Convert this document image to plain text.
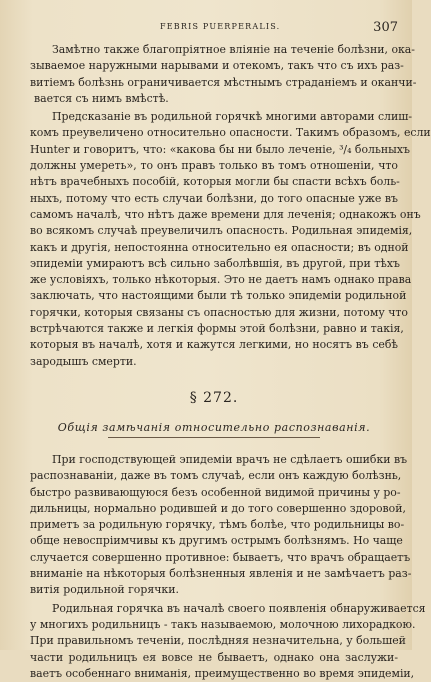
FEBRIS PUERPERALIS.	307
Замѣтно также благопріятное вліяніе на теченіе болѣзни, ока-
зываемое наружными нарывами и отекомъ, такъ что съ ихъ раз-
витіемъ болѣзнь ограничивается мѣстнымъ страданіемъ и оканчи-
вается съ нимъ вмѣстѣ.
Предсказаніе въ родильной горячкѣ многими авторами слиш-
комъ преувеличено относительно опасности. Такимъ образомъ, если
Hunter и говоритъ, что: «какова бы ни было леченіе, ³/₄ больныхъ
должны умереть», то онъ правъ только въ томъ отношеніи, что
нѣтъ врачебныхъ пособій, которыя могли бы спасти всѣхъ боль-
ныхъ, потому что есть случаи болѣзни, до того опасные уже въ
самомъ началѣ, что нѣтъ даже времени для леченія; однакожъ онъ
во всякомъ случаѣ преувеличилъ опасность. Родильная эпидемія,
какъ и другія, непостоянна относительно ея опасности; въ одной
эпидеміи умираютъ всѣ сильно заболѣвшія, въ другой, при тѣхъ
же условіяхъ, только нѣкоторыя. Это не даетъ намъ однако права
заключать, что настоящими были тѣ только эпидеміи родильной
горячки, которыя связаны съ опасностью для жизни, потому что
встрѣчаются также и легкія формы этой болѣзни, равно и такія,
которыя въ началѣ, хотя и кажутся легкими, но носятъ въ себѣ
зародышъ смерти.
§ 272.
Общія замѣчанія относительно распознаванія.
При господствующей эпидеміи врачъ не сдѣлаетъ ошибки въ
распознаваніи, даже въ томъ случаѣ, если онъ каждую болѣзнь,
быстро развивающуюся безъ особенной видимой причины у ро-
дильницы, нормально родившей и до того совершенно здоровой,
приметъ за родильную горячку, тѣмъ болѣе, что родильницы во-
обще невоспріимчивы къ другимъ острымъ болѣзнямъ. Но чаще
случается совершенно противное: бываетъ, что врачъ обращаетъ
вниманіе на нѣкоторыя болѣзненныя явленія и не замѣчаетъ раз-
витія родильной горячки.
Родильная горячка въ началѣ своего появленія обнаруживается
у многихъ родильницъ - такъ называемою, молочною лихорадкою.
При правильномъ теченіи, послѣдняя незначительна, у большей
части родильницъ ея вовсе не бываетъ, однако она заслужи-
ваетъ особеннаго вниманія, преимущественно во время эпидеміи,
